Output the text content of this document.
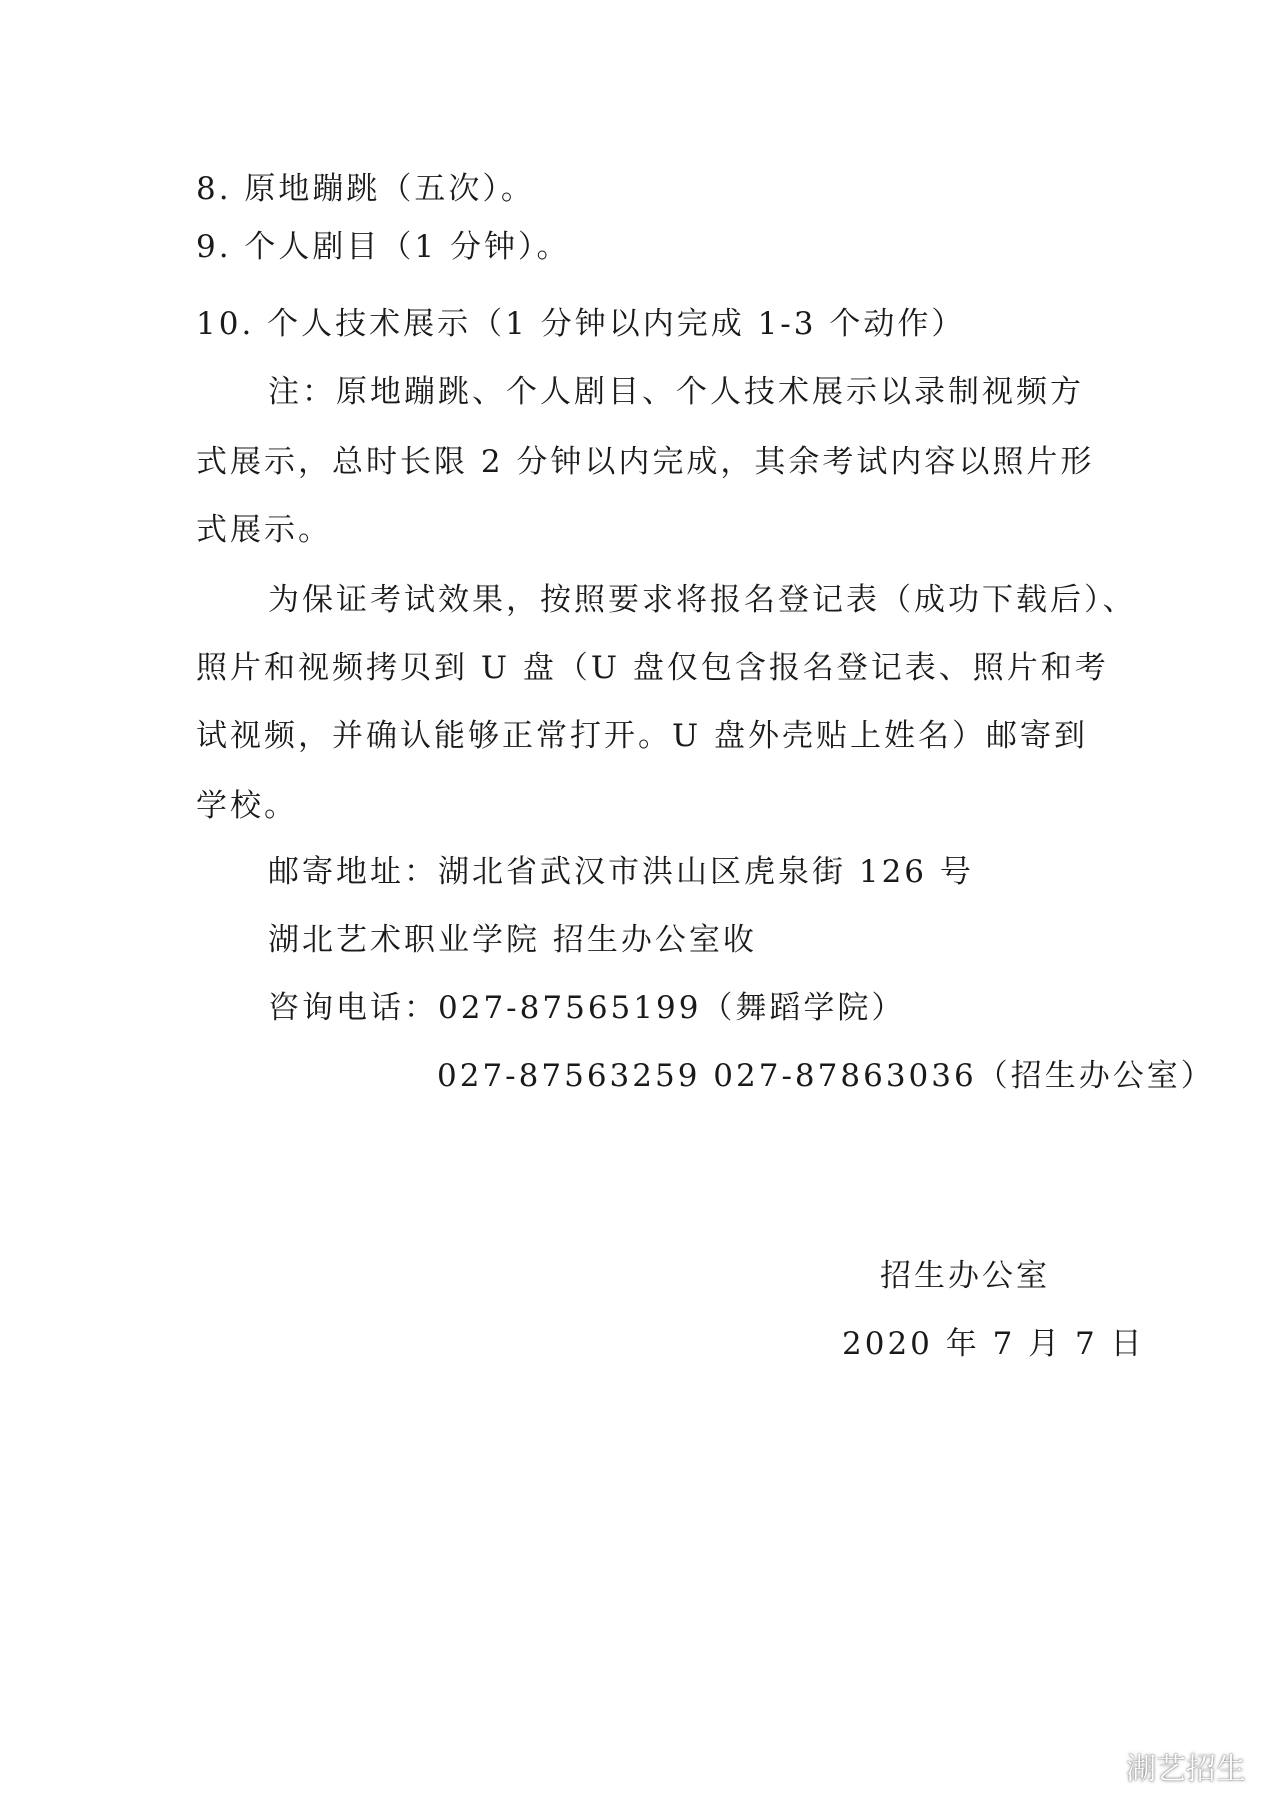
8. 原地蹦跳（五次）。
9. 个人剧目（1 分钟）。
10. 个人技术展示（1 分钟以内完成 1-3 个动作）
注：原地蹦跳、个人剧目、个人技术展示以录制视频方
式展示，总时长限 2 分钟以内完成，其余考试内容以照片形
式展示。
为保证考试效果，按照要求将报名登记表（成功下载后）、
照片和视频拷贝到 U 盘（U 盘仅包含报名登记表、照片和考
试视频，并确认能够正常打开。U 盘外壳贴上姓名）邮寄到
学校。
邮寄地址：湖北省武汉市洪山区虎泉街 126 号
湖北艺术职业学院 招生办公室收
咨询电话：027-87565199（舞蹈学院）
027-87563259 027-87863036（招生办公室）
招生办公室
2020 年 7 月 7 日
湖艺招生
